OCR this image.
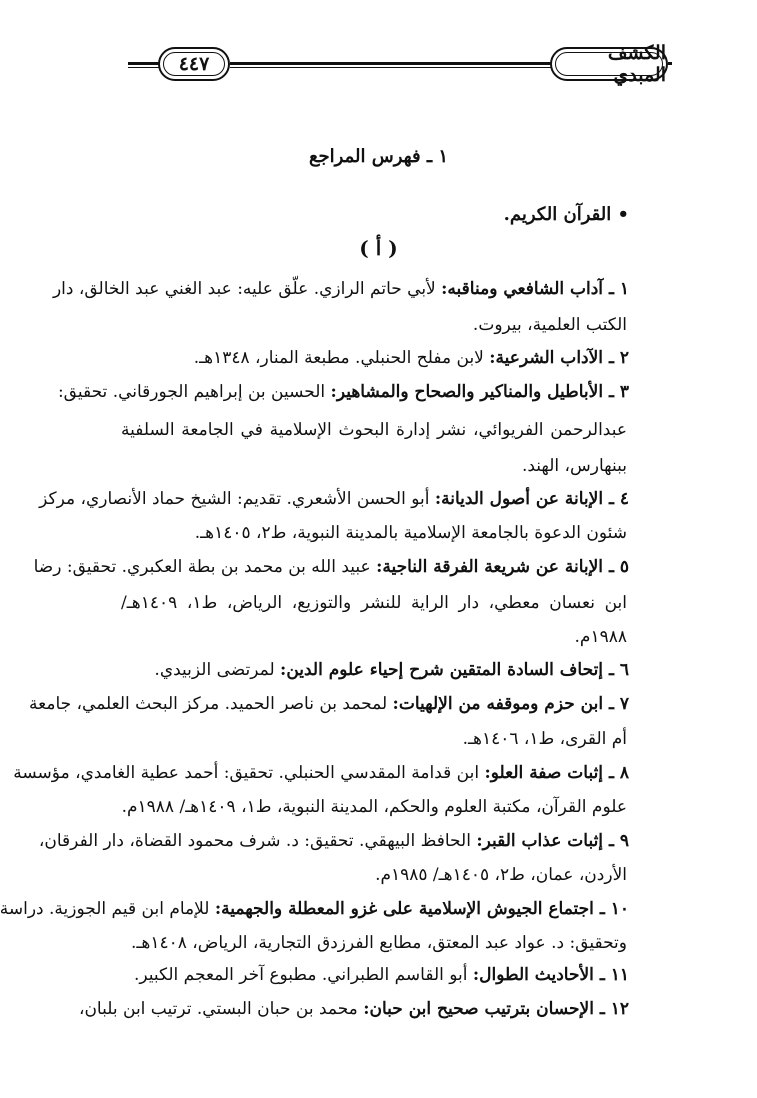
٤٤٧	الكشف المبدي
١ ـ فهرس المراجع
• القرآن الكريم.
( أ )
١ ـ آداب الشافعي ومناقبه: لأبي حاتم الرازي. علّق عليه: عبد الغني عبد الخالق، دار
الكتب العلمية، بيروت.
٢ ـ الآداب الشرعية: لابن مفلح الحنبلي. مطبعة المنار، ١٣٤٨هـ.
٣ ـ الأباطيل والمناكير والصحاح والمشاهير: الحسين بن إبراهيم الجورقاني. تحقيق:
عبدالرحمن الفريوائي، نشر إدارة البحوث الإسلامية في الجامعة السلفية
ببنهارس، الهند.
٤ ـ الإبانة عن أصول الديانة: أبو الحسن الأشعري. تقديم: الشيخ حماد الأنصاري، مركز
شئون الدعوة بالجامعة الإسلامية بالمدينة النبوية، ط٢، ١٤٠٥هـ.
٥ ـ الإبانة عن شريعة الفرقة الناجية: عبيد الله بن محمد بن بطة العكبري. تحقيق: رضا
ابن نعسان معطي، دار الراية للنشر والتوزيع، الرياض، ط١، ١٤٠٩هـ/
١٩٨٨م.
٦ ـ إتحاف السادة المتقين شرح إحياء علوم الدين: لمرتضى الزبيدي.
٧ ـ ابن حزم وموقفه من الإلهيات: لمحمد بن ناصر الحميد. مركز البحث العلمي، جامعة
أم القرى، ط١، ١٤٠٦هـ.
٨ ـ إثبات صفة العلو: ابن قدامة المقدسي الحنبلي. تحقيق: أحمد عطية الغامدي، مؤسسة
علوم القرآن، مكتبة العلوم والحكم، المدينة النبوية، ط١، ١٤٠٩هـ/ ١٩٨٨م.
٩ ـ إثبات عذاب القبر: الحافظ البيهقي. تحقيق: د. شرف محمود القضاة، دار الفرقان،
الأردن، عمان، ط٢، ١٤٠٥هـ/ ١٩٨٥م.
١٠ ـ اجتماع الجيوش الإسلامية على غزو المعطلة والجهمية: للإمام ابن قيم الجوزية. دراسة
وتحقيق: د. عواد عبد المعتق، مطابع الفرزدق التجارية، الرياض، ١٤٠٨هـ.
١١ ـ الأحاديث الطوال: أبو القاسم الطبراني. مطبوع آخر المعجم الكبير.
١٢ ـ الإحسان بترتيب صحيح ابن حبان: محمد بن حبان البستي. ترتيب ابن بلبان،
